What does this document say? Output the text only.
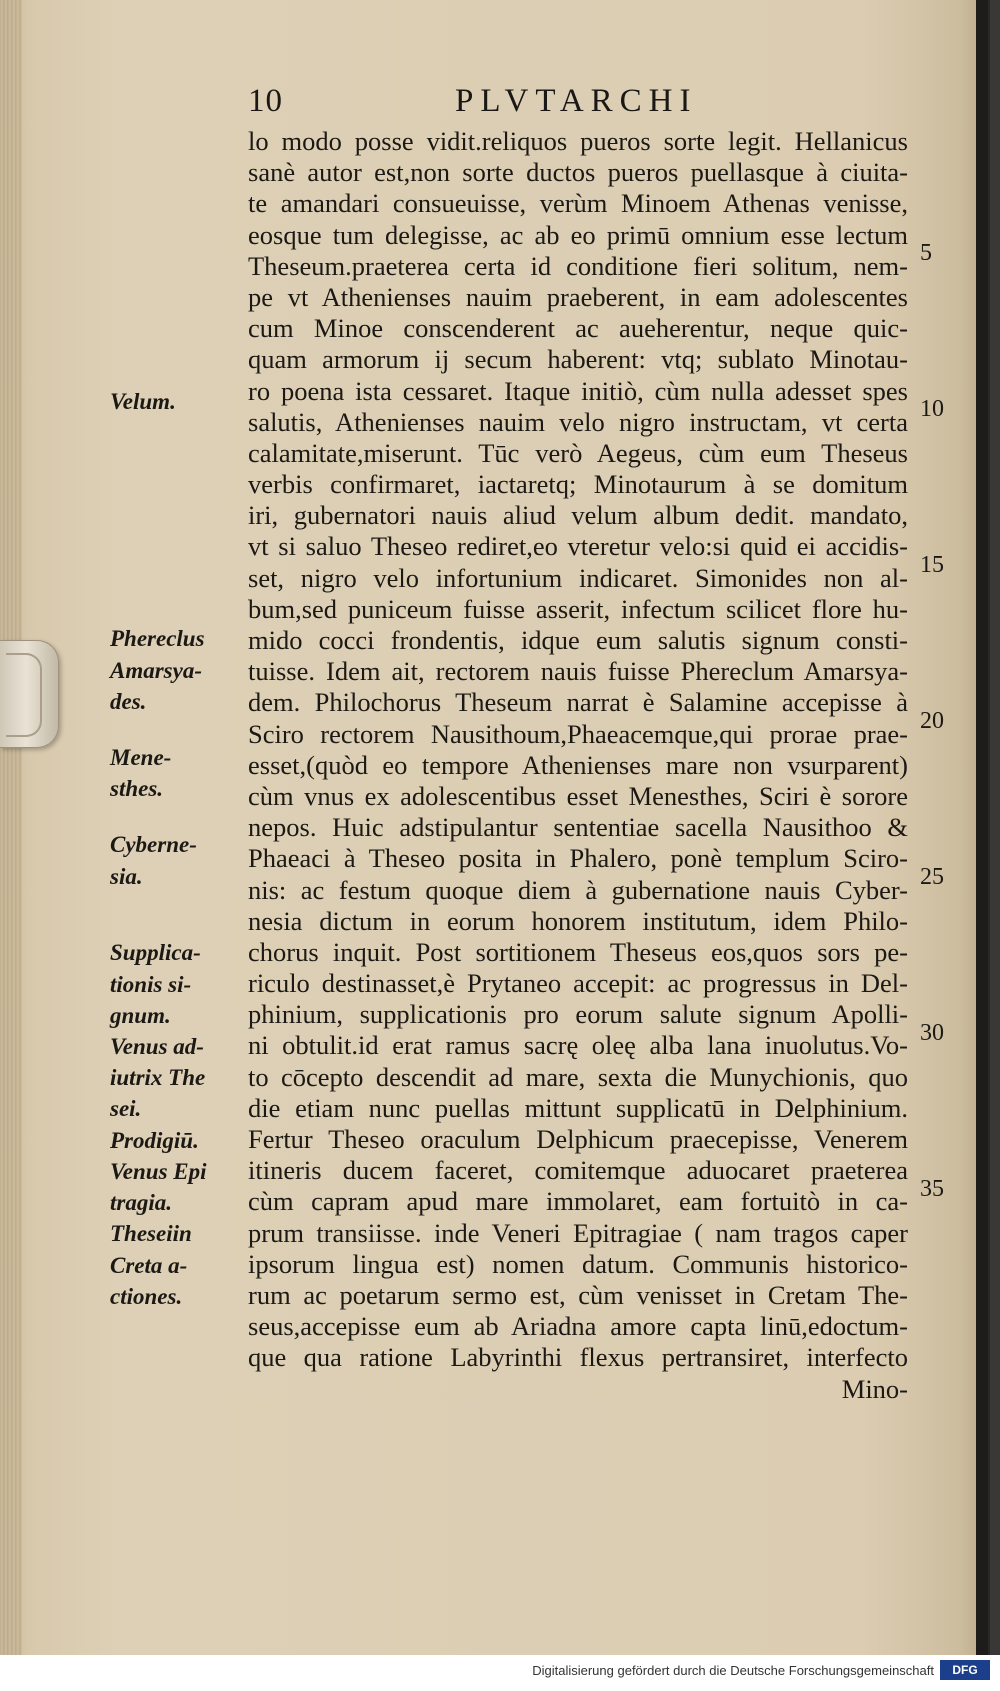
10	PLVTARCHI
lo modo posse vidit.reliquos pueros sorte legit. Hellanicus
sanè autor est,non sorte ductos pueros puellasque à ciuita-
te amandari consueuisse, verùm Minoem Athenas venisse,
eosque tum delegisse, ac ab eo primū omnium esse lectum
Theseum.praeterea certa id conditione fieri solitum, nem-
pe vt Athenienses nauim praeberent, in eam adolescentes
cum Minoe conscenderent ac aueherentur, neque quic-
quam armorum ij secum haberent: vtq; sublato Minotau-
ro poena ista cessaret. Itaque initiò, cùm nulla adesset spes
salutis, Athenienses nauim velo nigro instructam, vt certa
calamitate,miserunt. Tūc verò Aegeus, cùm eum Theseus
verbis confirmaret, iactaretq; Minotaurum à se domitum
iri, gubernatori nauis aliud velum album dedit. mandato,
vt si saluo Theseo rediret,eo vteretur velo:si quid ei accidis-
set, nigro velo infortunium indicaret. Simonides non al-
bum,sed puniceum fuisse asserit, infectum scilicet flore hu-
mido cocci frondentis, idque eum salutis signum consti-
tuisse. Idem ait, rectorem nauis fuisse Phereclum Amarsya-
dem. Philochorus Theseum narrat è Salamine accepisse à
Sciro rectorem Nausithoum,Phaeacemque,qui prorae prae-
esset,(quòd eo tempore Athenienses mare non vsurparent)
cùm vnus ex adolescentibus esset Menesthes, Sciri è sorore
nepos. Huic adstipulantur sententiae sacella Nausithoo &
Phaeaci à Theseo posita in Phalero, ponè templum Sciro-
nis: ac festum quoque diem à gubernatione nauis Cyber-
nesia dictum in eorum honorem institutum, idem Philo-
chorus inquit. Post sortitionem Theseus eos,quos sors pe-
riculo destinasset,è Prytaneo accepit: ac progressus in Del-
phinium, supplicationis pro eorum salute signum Apolli-
ni obtulit.id erat ramus sacrę oleę alba lana inuolutus.Vo-
to cōcepto descendit ad mare, sexta die Munychionis, quo
die etiam nunc puellas mittunt supplicatū in Delphinium.
Fertur Theseo oraculum Delphicum praecepisse, Venerem
itineris ducem faceret, comitemque aduocaret praeterea
cùm capram apud mare immolaret, eam fortuitò in ca-
prum transiisse. inde Veneri Epitragiae ( nam tragos caper
ipsorum lingua est) nomen datum. Communis historico-
rum ac poetarum sermo est, cùm venisset in Cretam The-
seus,accepisse eum ab Ariadna amore capta linū,edoctum-
que qua ratione Labyrinthi flexus pertransiret, interfecto
Mino-
Velum.
Phereclus
Amarsya-
des.
Mene-
sthes.
Cyberne-
sia.
Supplica-
tionis si-
gnum.
Venus ad-
iutrix The
sei.
Prodigiū.
Venus Epi
tragia.
Theseiin
Creta a-
ctiones.
5
10
15
20
25
30
35
Digitalisierung gefördert durch die Deutsche Forschungsgemeinschaft	DFG
